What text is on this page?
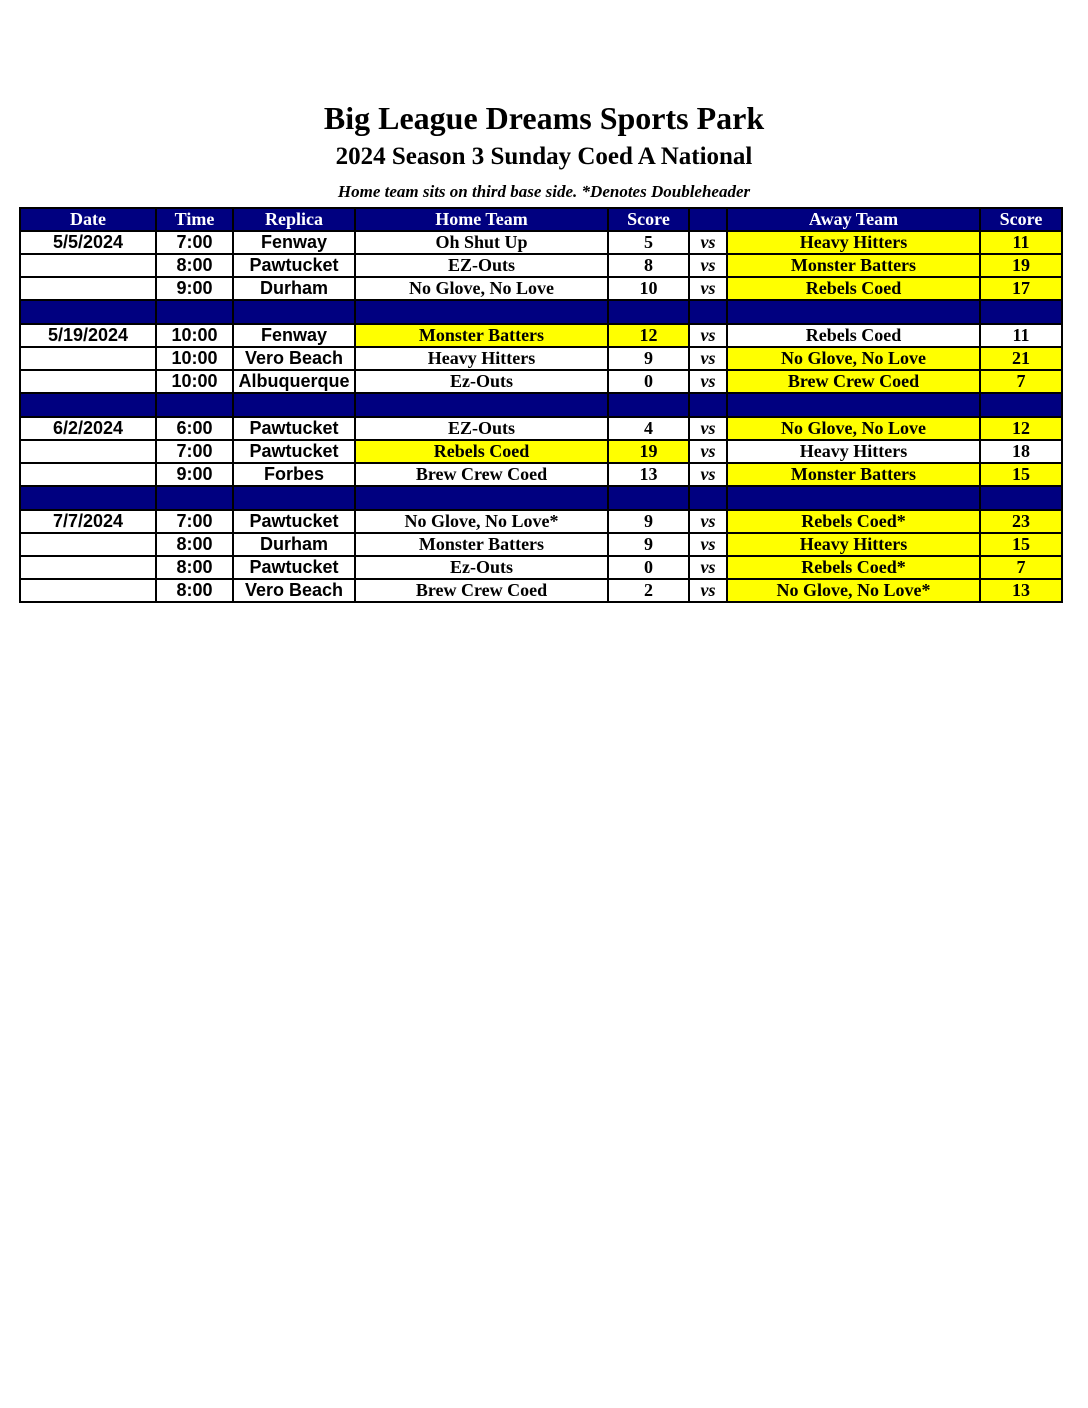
Big League Dreams Sports Park
2024 Season 3 Sunday Coed A National
Home team sits on third base side. *Denotes Doubleheader
Date	Time	Replica	Home Team	Score		Away Team	Score
5/5/2024	7:00	Fenway	Oh Shut Up	5	vs	Heavy Hitters	11
	8:00	Pawtucket	EZ-Outs	8	vs	Monster Batters	19
	9:00	Durham	No Glove, No Love	10	vs	Rebels Coed	17

5/19/2024	10:00	Fenway	Monster Batters	12	vs	Rebels Coed	11
	10:00	Vero Beach	Heavy Hitters	9	vs	No Glove, No Love	21
	10:00	Albuquerque	Ez-Outs	0	vs	Brew Crew Coed	7

6/2/2024	6:00	Pawtucket	EZ-Outs	4	vs	No Glove, No Love	12
	7:00	Pawtucket	Rebels Coed	19	vs	Heavy Hitters	18
	9:00	Forbes	Brew Crew Coed	13	vs	Monster Batters	15

7/7/2024	7:00	Pawtucket	No Glove, No Love*	9	vs	Rebels Coed*	23
	8:00	Durham	Monster Batters	9	vs	Heavy Hitters	15
	8:00	Pawtucket	Ez-Outs	0	vs	Rebels Coed*	7
	8:00	Vero Beach	Brew Crew Coed	2	vs	No Glove, No Love*	13
